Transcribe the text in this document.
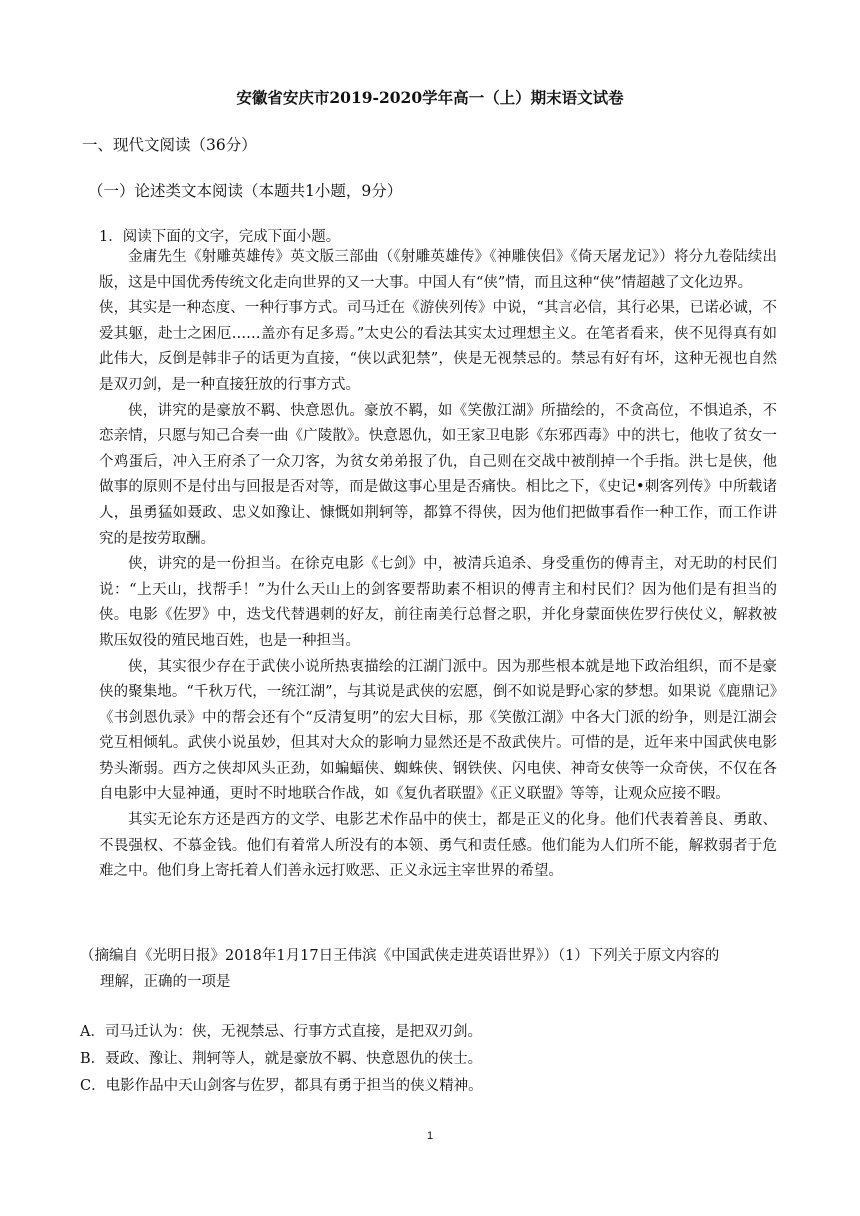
安徽省安庆市2019-2020学年高一（上）期末语文试卷
一、现代文阅读（36分）
（一）论述类文本阅读（本题共1小题，9分）
1．阅读下面的文字，完成下面小题。

金庸先生《射雕英雄传》英文版三部曲（《射雕英雄传》《神雕侠侣》《倚天屠龙记》）将分九卷陆续出版，这是中国优秀传统文化走向世界的又一大事。中国人有“侠”情，而且这种“侠”情超越了文化边界。

侠，其实是一种态度、一种行事方式。司马迁在《游侠列传》中说，“其言必信，其行必果，已诺必诚，不爱其躯，赴士之困厄……盖亦有足多焉。”太史公的看法其实太过理想主义。在笔者看来，侠不见得真有如此伟大，反倒是韩非子的话更为直接，“侠以武犯禁”，侠是无视禁忌的。禁忌有好有坏，这种无视也自然是双刃剑，是一种直接狂放的行事方式。

侠，讲究的是豪放不羁、快意恩仇。豪放不羁，如《笑傲江湖》所描绘的，不贪高位，不惧追杀，不恋亲情，只愿与知己合奏一曲《广陵散》。快意恩仇，如王家卫电影《东邪西毒》中的洪七，他收了贫女一个鸡蛋后，冲入王府杀了一众刀客，为贫女弟弟报了仇，自己则在交战中被削掉一个手指。洪七是侠，他做事的原则不是付出与回报是否对等，而是做这事心里是否痛快。相比之下，《史记•刺客列传》中所载诸人，虽勇猛如聂政、忠义如豫让、慷慨如荆轲等，都算不得侠，因为他们把做事看作一种工作，而工作讲究的是按劳取酬。

侠，讲究的是一份担当。在徐克电影《七剑》中，被清兵追杀、身受重伤的傅青主，对无助的村民们说：“上天山，找帮手！”为什么天山上的剑客要帮助素不相识的傅青主和村民们？因为他们是有担当的侠。电影《佐罗》中，迭戈代替遇刺的好友，前往南美行总督之职，并化身蒙面侠佐罗行侠仗义，解救被欺压奴役的殖民地百姓，也是一种担当。

侠，其实很少存在于武侠小说所热衷描绘的江湖门派中。因为那些根本就是地下政治组织，而不是豪侠的聚集地。“千秋万代，一统江湖”，与其说是武侠的宏愿，倒不如说是野心家的梦想。如果说《鹿鼎记》《书剑恩仇录》中的帮会还有个“反清复明”的宏大目标，那《笑傲江湖》中各大门派的纷争，则是江湖会党互相倾轧。武侠小说虽妙，但其对大众的影响力显然还是不敌武侠片。可惜的是，近年来中国武侠电影势头渐弱。西方之侠却风头正劲，如蝙蝠侠、蜘蛛侠、钢铁侠、闪电侠、神奇女侠等一众奇侠，不仅在各自电影中大显神通，更时不时地联合作战，如《复仇者联盟》《正义联盟》等等，让观众应接不暇。

其实无论东方还是西方的文学、电影艺术作品中的侠士，都是正义的化身。他们代表着善良、勇敢、不畏强权、不慕金钱。他们有着常人所没有的本领、勇气和责任感。他们能为人们所不能，解救弱者于危难之中。他们身上寄托着人们善永远打败恶、正义永远主宰世界的希望。

（摘编自《光明日报》2018年1月17日王伟滨《中国武侠走进英语世界》）（1）下列关于原文内容的
理解，正确的一项是

A．司马迁认为：侠，无视禁忌、行事方式直接，是把双刃剑。

B．聂政、豫让、荆轲等人，就是豪放不羁、快意恩仇的侠士。

C．电影作品中天山剑客与佐罗，都具有勇于担当的侠义精神。

1
